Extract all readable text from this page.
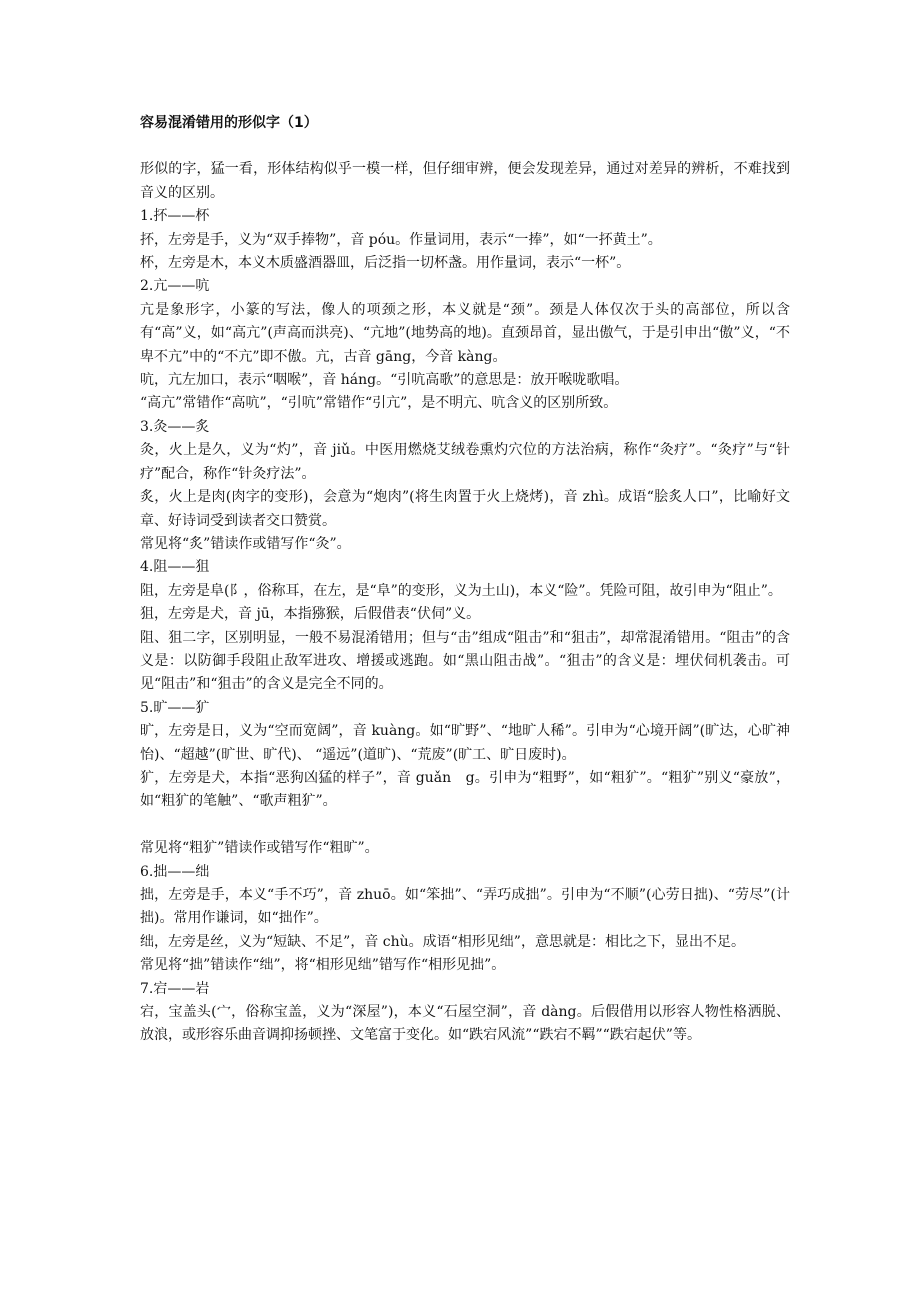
容易混淆错用的形似字（1）

形似的字，猛一看，形体结构似乎一模一样，但仔细审辨，便会发现差异，通过对差异的辨析，不难找到音义的区别。

1.抔——杯

抔，左旁是手，义为“双手捧物”，音 póu。作量词用，表示“一捧”，如“一抔黄土”。

杯，左旁是木，本义木质盛酒器皿，后泛指一切杯盏。用作量词，表示“一杯”。

2.亢——吭

亢是象形字，小篆的写法，像人的项颈之形，本义就是“颈”。颈是人体仅次于头的高部位，所以含有“高”义，如“高亢”(声高而洪亮)、“亢地”(地势高的地)。直颈昂首，显出傲气，于是引申出“傲”义，“不卑不亢”中的“不亢”即不傲。亢，古音 gāng，今音 kàng。

吭，亢左加口，表示“咽喉”，音 háng。“引吭高歌”的意思是：放开喉咙歌唱。

“高亢”常错作“高吭”，“引吭”常错作“引亢”，是不明亢、吭含义的区别所致。

3.灸——炙

灸，火上是久，义为“灼”，音 jiǔ。中医用燃烧艾绒卷熏灼穴位的方法治病，称作“灸疗”。“灸疗”与“针疗”配合，称作“针灸疗法”。

炙，火上是肉(肉字的变形)，会意为“炮肉”(将生肉置于火上烧烤)，音 zhì。成语“脍炙人口”，比喻好文章、好诗词受到读者交口赞赏。

常见将“炙”错读作或错写作“灸”。

4.阻——狙

阻，左旁是阜(阝，俗称耳，在左，是“阜”的变形，义为土山)，本义“险”。凭险可阻，故引申为“阻止”。

狙，左旁是犬，音 jū，本指猕猴，后假借表“伏伺”义。

阻、狙二字，区别明显，一般不易混淆错用；但与“击”组成“阻击”和“狙击”，却常混淆错用。“阻击”的含义是：以防御手段阻止敌军进攻、增援或逃跑。如“黑山阻击战”。“狙击”的含义是：埋伏伺机袭击。可见“阻击”和“狙击”的含义是完全不同的。

5.旷——犷

旷，左旁是日，义为“空而宽阔”，音 kuàng。如“旷野”、“地旷人稀”。引申为“心境开阔”(旷达，心旷神怡)、“超越”(旷世、旷代)、 “遥远”(道旷)、“荒废”(旷工、旷日废时)。

犷，左旁是犬，本指“恶狗凶猛的样子”，音 guǎn　g。引申为“粗野”，如“粗犷”。“粗犷”别义“豪放”，如“粗犷的笔触”、“歌声粗犷”。

常见将“粗犷”错读作或错写作“粗旷”。

6.拙——绌

拙，左旁是手，本义“手不巧”，音 zhuō。如“笨拙”、“弄巧成拙”。引申为“不顺”(心劳日拙)、“劳尽”(计拙)。常用作谦词，如“拙作”。

绌，左旁是丝，义为“短缺、不足”，音 chù。成语“相形见绌”，意思就是：相比之下，显出不足。

常见将“拙”错读作“绌”，将“相形见绌”错写作“相形见拙”。

7.宕——岩

宕，宝盖头(宀，俗称宝盖，义为“深屋”)，本义“石屋空洞”，音 dàng。后假借用以形容人物性格洒脱、放浪，或形容乐曲音调抑扬顿挫、文笔富于变化。如“跌宕风流”“跌宕不羁”“跌宕起伏”等。
